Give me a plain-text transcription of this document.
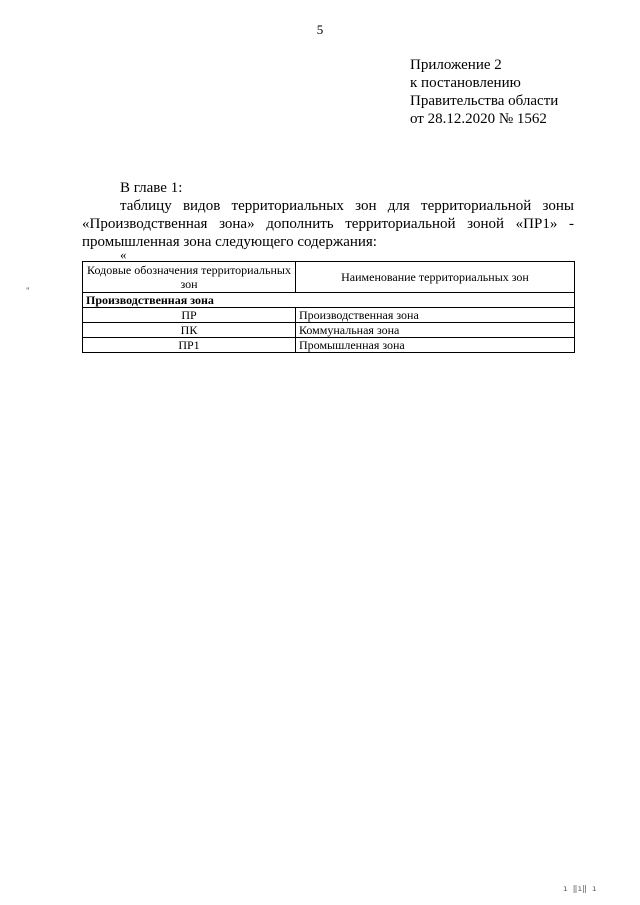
5
Приложение 2
к постановлению
Правительства области
от 28.12.2020 № 1562
В главе 1:
таблицу видов территориальных зон для территориальной зоны «Производственная зона» дополнить территориальной зоной «ПР1» - промышленная зона следующего содержания:
«
"
Кодовые обозначения территориальных зон	Наименование территориальных зон
Производственная зона	
ПР	Производственная зона
ПК	Коммунальная зона
ПР1	Промышленная зона
ı ‖ı‖ ı
